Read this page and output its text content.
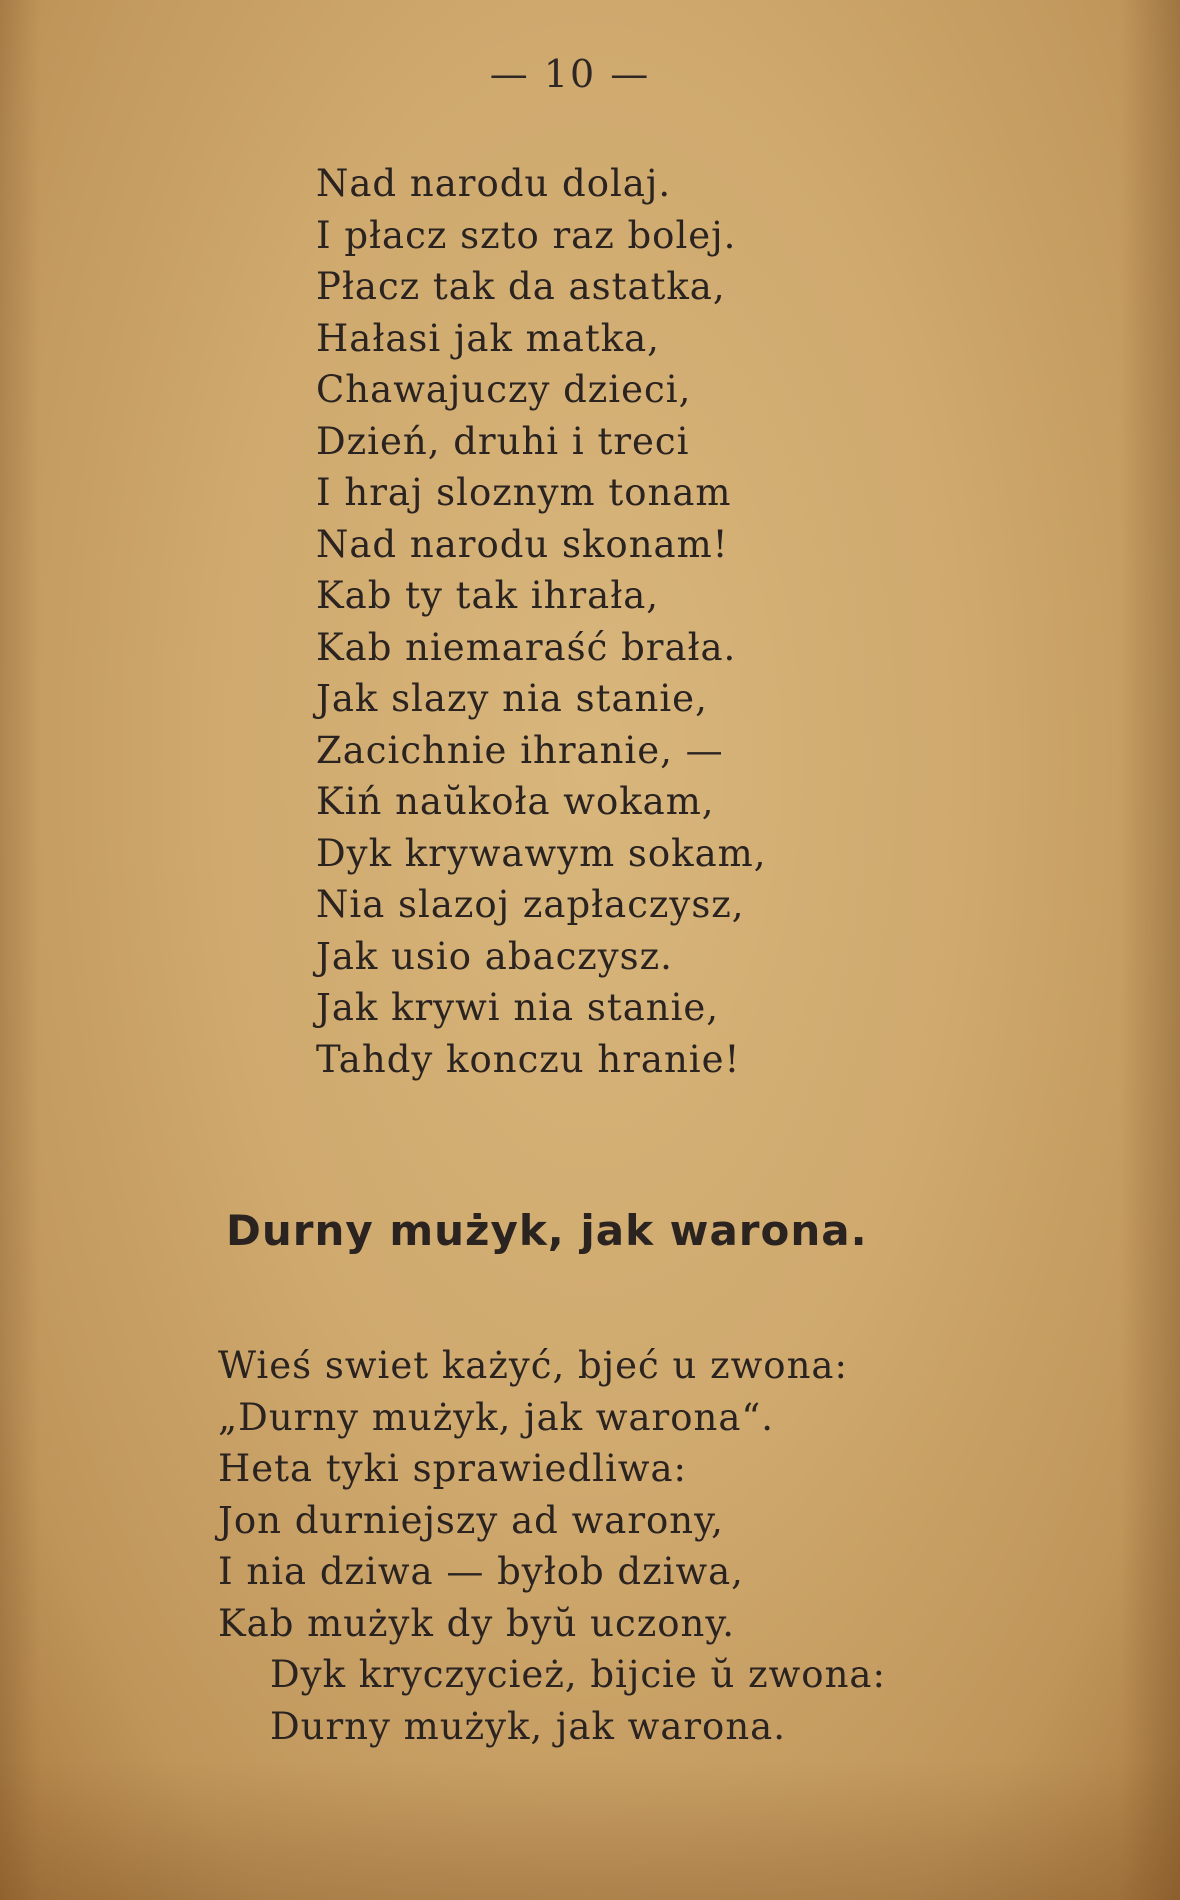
— 10 —
Nad narodu dolaj.
I płacz szto raz bolej.
Płacz tak da astatka,
Hałasi jak matka,
Chawajuczy dzieci,
Dzień, druhi i treci
I hraj sloznym tonam
Nad narodu skonam!
Kab ty tak ihrała,
Kab niemaraść brała.
Jak slazy nia stanie,
Zacichnie ihranie, —
Kiń naŭkoła wokam,
Dyk krywawym sokam,
Nia slazoj zapłaczysz,
Jak usio abaczysz.
Jak krywi nia stanie,
Tahdy konczu hranie!
Durny mużyk, jak warona.
Wieś swiet każyć, bjeć u zwona:
„Durny mużyk, jak warona“.
Heta tyki sprawiedliwa:
Jon durniejszy ad warony,
I nia dziwa — byłob dziwa,
Kab mużyk dy byŭ uczony.
Dyk kryczycież, bijcie ŭ zwona:
Durny mużyk, jak warona.
